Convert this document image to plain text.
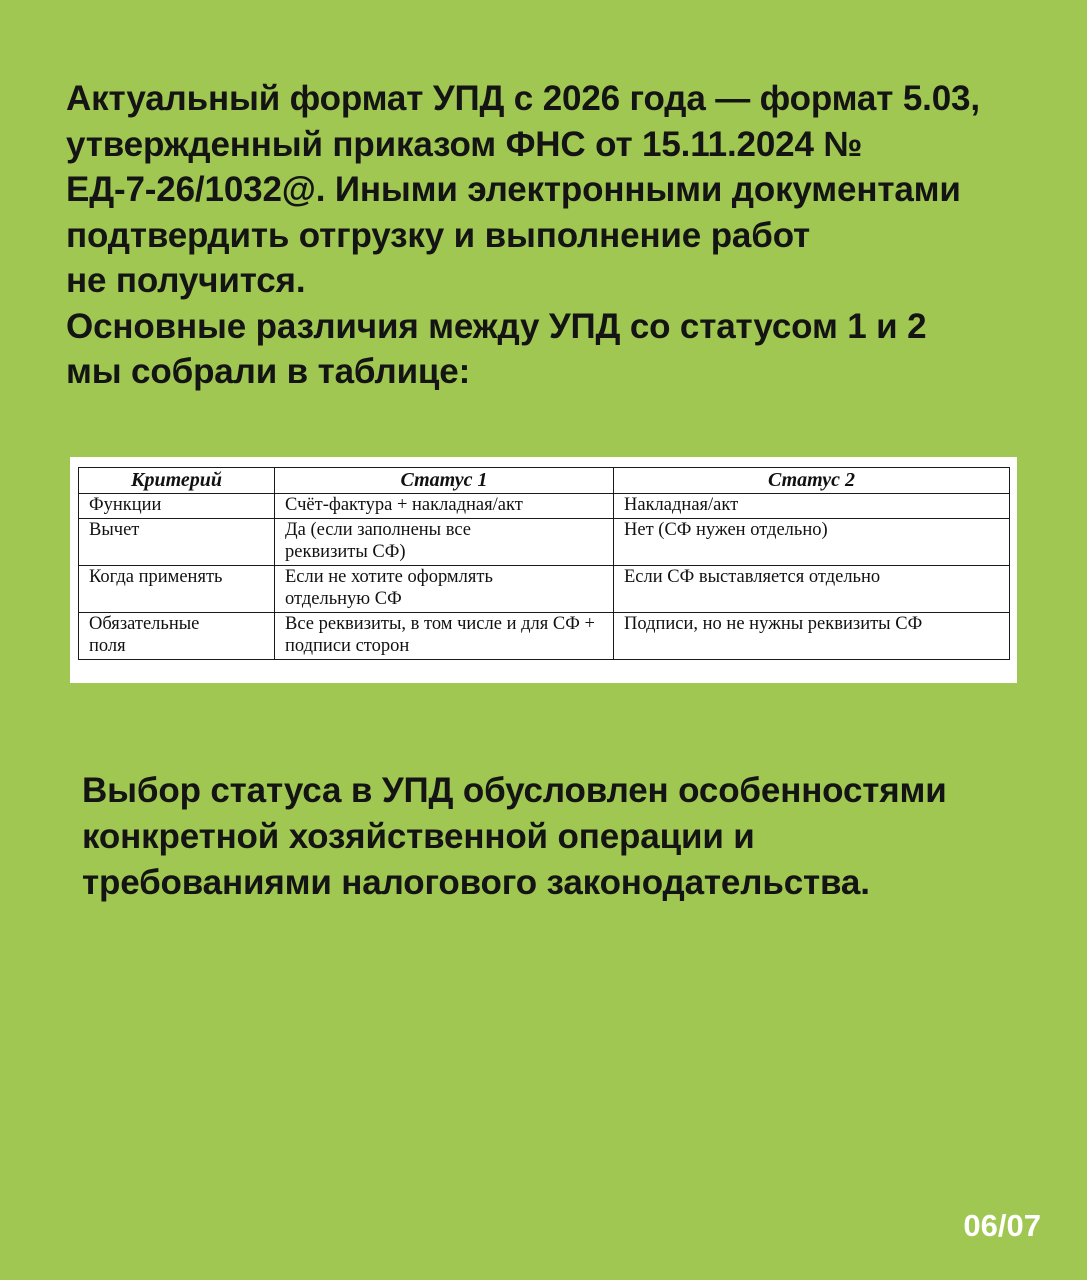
Актуальный формат УПД с 2026 года — формат 5.03,
утвержденный приказом ФНС от 15.11.2024 №
ЕД-7-26/1032@. Иными электронными документами
подтвердить отгрузку и выполнение работ
не получится.
Основные различия между УПД со статусом 1 и 2
мы собрали в таблице:
Критерий	Статус 1	Статус 2
Функции	Счёт-фактура + накладная/акт	Накладная/акт
Вычет	Да (если заполнены все реквизиты СФ)	Нет (СФ нужен отдельно)
Когда применять	Если не хотите оформлять отдельную СФ	Если СФ выставляется отдельно
Обязательные поля	Все реквизиты, в том числе и для СФ + подписи сторон	Подписи, но не нужны реквизиты СФ
Выбор статуса в УПД обусловлен особенностями
конкретной хозяйственной операции и
требованиями налогового законодательства.
06/07
